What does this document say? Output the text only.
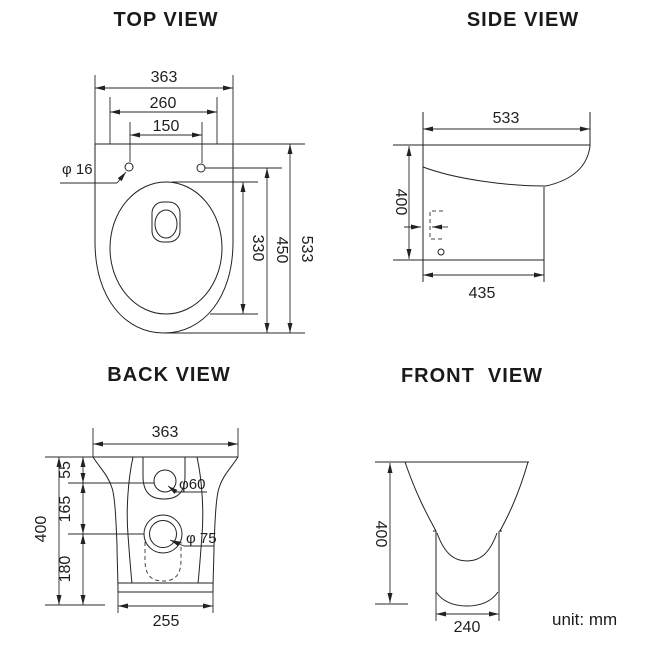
TOP VIEW
363
260
150
330 450 533
φ 16
SIDE VIEW
533
400
435
BACK VIEW
400
55
165
180
363
255
φ60
φ 75
FRONT  VIEW
400
240	unit: mm
